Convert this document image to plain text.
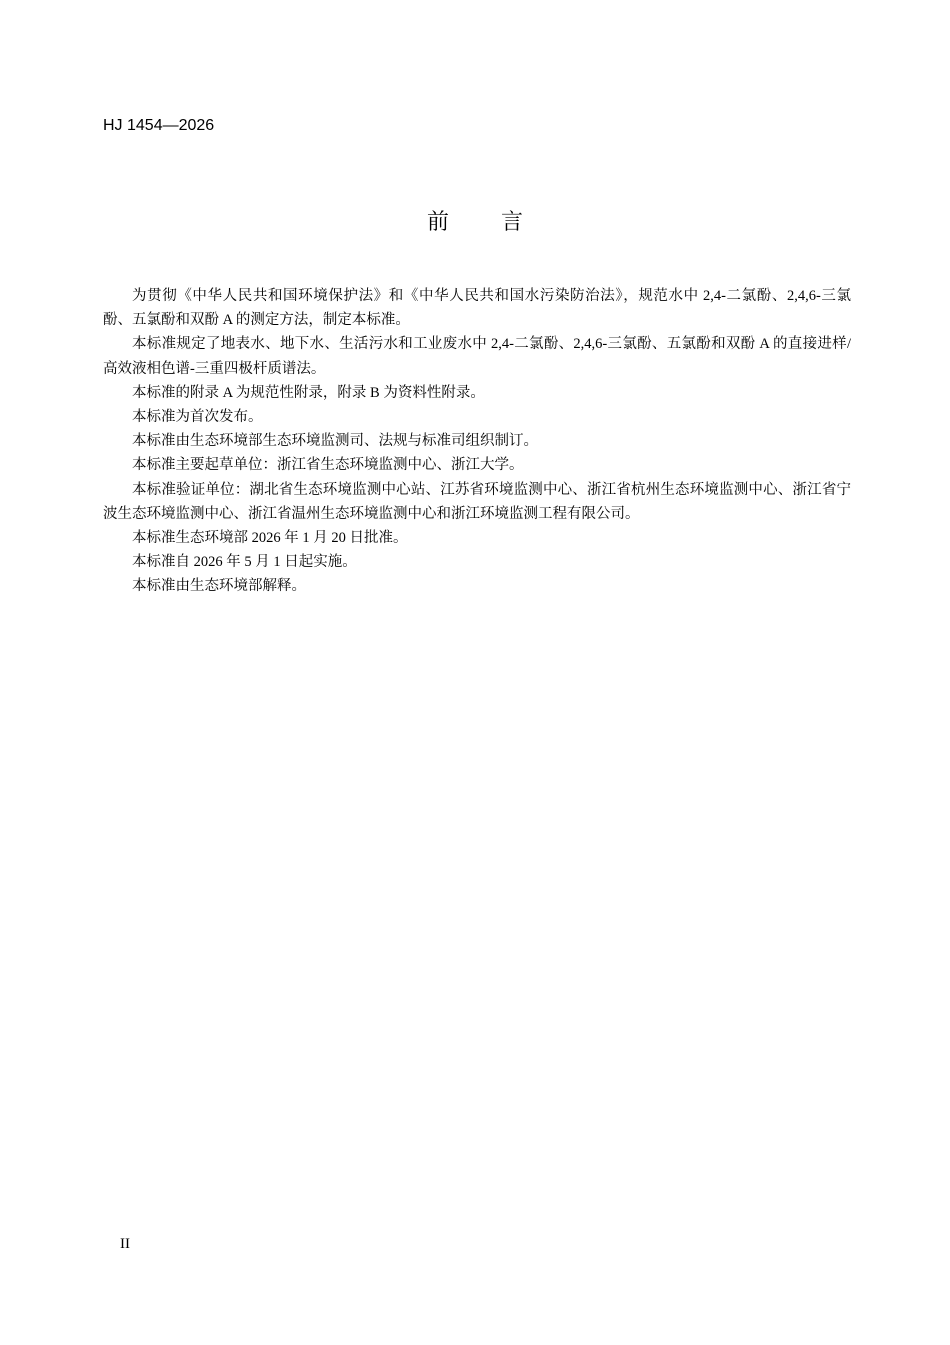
HJ 1454—2026
前 言

为贯彻《中华人民共和国环境保护法》和《中华人民共和国水污染防治法》，规范水中 2,4-二氯酚、2,4,6-三氯酚、五氯酚和双酚 A 的测定方法，制定本标准。

本标准规定了地表水、地下水、生活污水和工业废水中 2,4-二氯酚、2,4,6-三氯酚、五氯酚和双酚 A 的直接进样/高效液相色谱-三重四极杆质谱法。

本标准的附录 A 为规范性附录，附录 B 为资料性附录。

本标准为首次发布。

本标准由生态环境部生态环境监测司、法规与标准司组织制订。

本标准主要起草单位：浙江省生态环境监测中心、浙江大学。

本标准验证单位：湖北省生态环境监测中心站、江苏省环境监测中心、浙江省杭州生态环境监测中心、浙江省宁波生态环境监测中心、浙江省温州生态环境监测中心和浙江环境监测工程有限公司。

本标准生态环境部 2026 年 1 月 20 日批准。

本标准自 2026 年 5 月 1 日起实施。

本标准由生态环境部解释。

II
